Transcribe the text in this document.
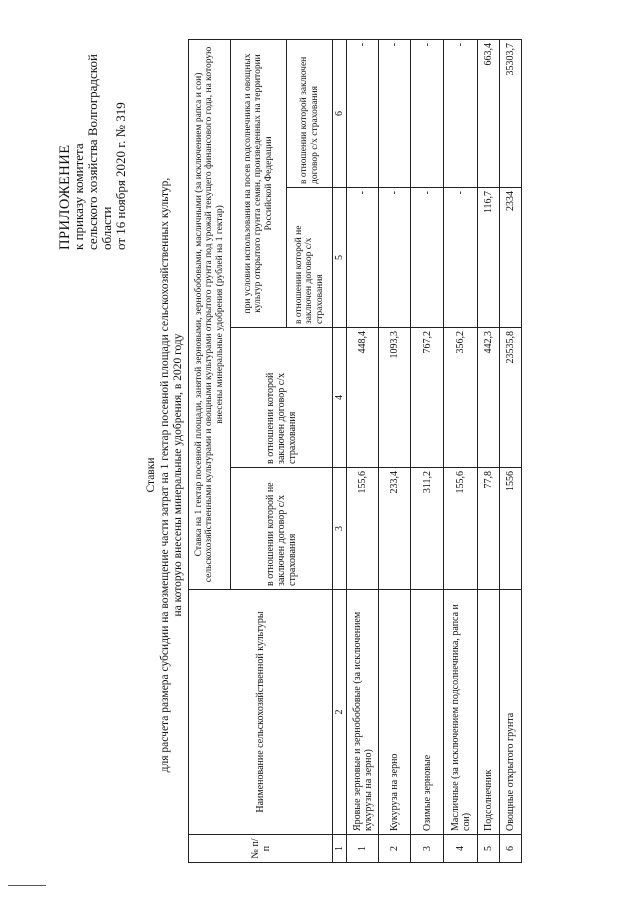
ПРИЛОЖЕНИЕ
к приказу комитета сельского хозяйства Волгоградской области от 16 ноября 2020 г. № 319
Ставки для расчета размера субсидии на возмещение части затрат на 1 гектар посевной площади сельскохозяйственных культур, на которую внесены минеральные удобрения, в 2020 году
№ п/п	Наименование сельскохозяйственной культуры	Ставка на 1 гектар посевной площади, занятой зерновыми, зернобобовыми, масличными (за исключением рапса и сои) сельскохозяйственными культурами и овощными культурами открытого грунта под урожай текущего финансового года, на которую внесены минеральные удобрения (рублей на 1 гектар)			
		в отношении которой не заключен договор с/х страхования	в отношении которой заключен договор с/х страхования	при условии использования на посев подсолнечника и овощных культур открытого грунта семян, произведенных на территории Российской Федерации	
				в отношении которой не заключен договор с/х страхования	в отношении которой заключен договор с/х страхования
1	2	3	4	5	6
1	Яровые зерновые и зернобобовые (за исключением кукурузы на зерно)	155,6	448,4	-	-
2	Кукуруза на зерно	233,4	1093,3	-	-
3	Озимые зерновые	311,2	767,2	-	-
4	Масличные (за исключением подсолнечника, рапса и сои)	155,6	356,2	-	-
5	Подсолнечник	77,8	442,3	116,7	663,4
6	Овощные открытого грунта	1556	23535,8	2334	35303,7
